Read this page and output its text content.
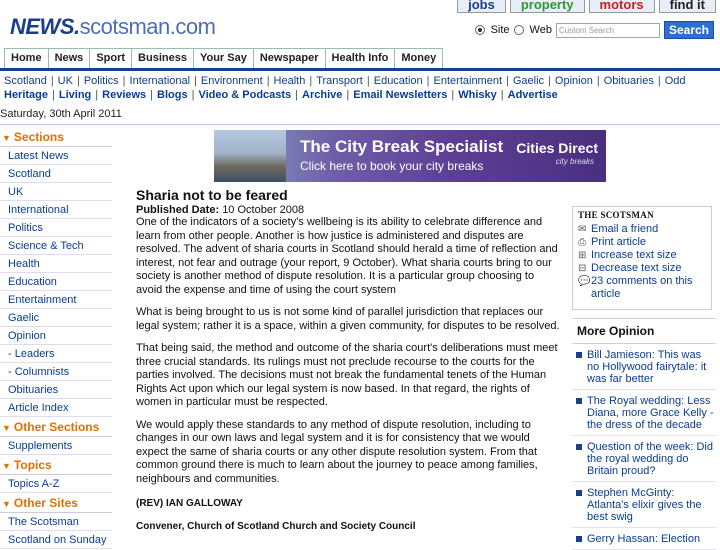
NEWS.scotsman.com
jobs	property	motors	find it
Site Web Custom Search	Search
Home	News	Sport	Business	Your Say	Newspaper	Health Info	Money
Scotland | UK | Politics | International | Environment | Health | Transport | Education | Entertainment | Gaelic | Opinion | Obituaries | Odd
Heritage | Living | Reviews | Blogs | Video & Podcasts | Archive | Email Newsletters | Whisky | Advertise
Saturday, 30th April 2011
▼ Sections
Latest News
Scotland
UK
International
Politics
Science & Tech
Health
Education
Entertainment
Gaelic
Opinion
- Leaders
- Columnists
Obituaries
Article Index
▼ Other Sections
Supplements
▼ Topics
Topics A-Z
▼ Other Sites
The Scotsman
Scotland on Sunday
The City Break Specialist
Click here to book your city breaks
Cities Direct
city breaks
Sharia not to be feared
Published Date: 10 October 2008
One of the indicators of a society's wellbeing is its ability to celebrate difference and learn from other people. Another is how justice is administered and disputes are resolved. The advent of sharia courts in Scotland should herald a time of reflection and interest, not fear and outrage (your report, 9 October). What sharia courts bring to our society is another method of dispute resolution. It is a particular group choosing to avoid the expense and time of using the court system
What is being brought to us is not some kind of parallel jurisdiction that replaces our legal system; rather it is a space, within a given community, for disputes to be resolved.
That being said, the method and outcome of the sharia court's deliberations must meet three crucial standards. Its rulings must not preclude recourse to the courts for the parties involved. The decisions must not break the fundamental tenets of the Human Rights Act upon which our legal system is now based. In that regard, the rights of women in particular must be respected.
We would apply these standards to any method of dispute resolution, including to changes in our own laws and legal system and it is for consistency that we would expect the same of sharia courts or any other dispute resolution system. From that common ground there is much to learn about the journey to peace among families, neighbours and communities.
(REV) IAN GALLOWAY
Convener, Church of Scotland Church and Society Council
THE SCOTSMAN
✉ Email a friend
⎙ Print article
⊞ Increase text size
⊟ Decrease text size
💬 23 comments on this article
More Opinion
Bill Jamieson: This was no Hollywood fairytale: it was far better
The Royal wedding: Less Diana, more Grace Kelly - the dress of the decade
Question of the week: Did the royal wedding do Britain proud?
Stephen McGinty: Atlanta's elixir gives the best swig
Gerry Hassan: Election
